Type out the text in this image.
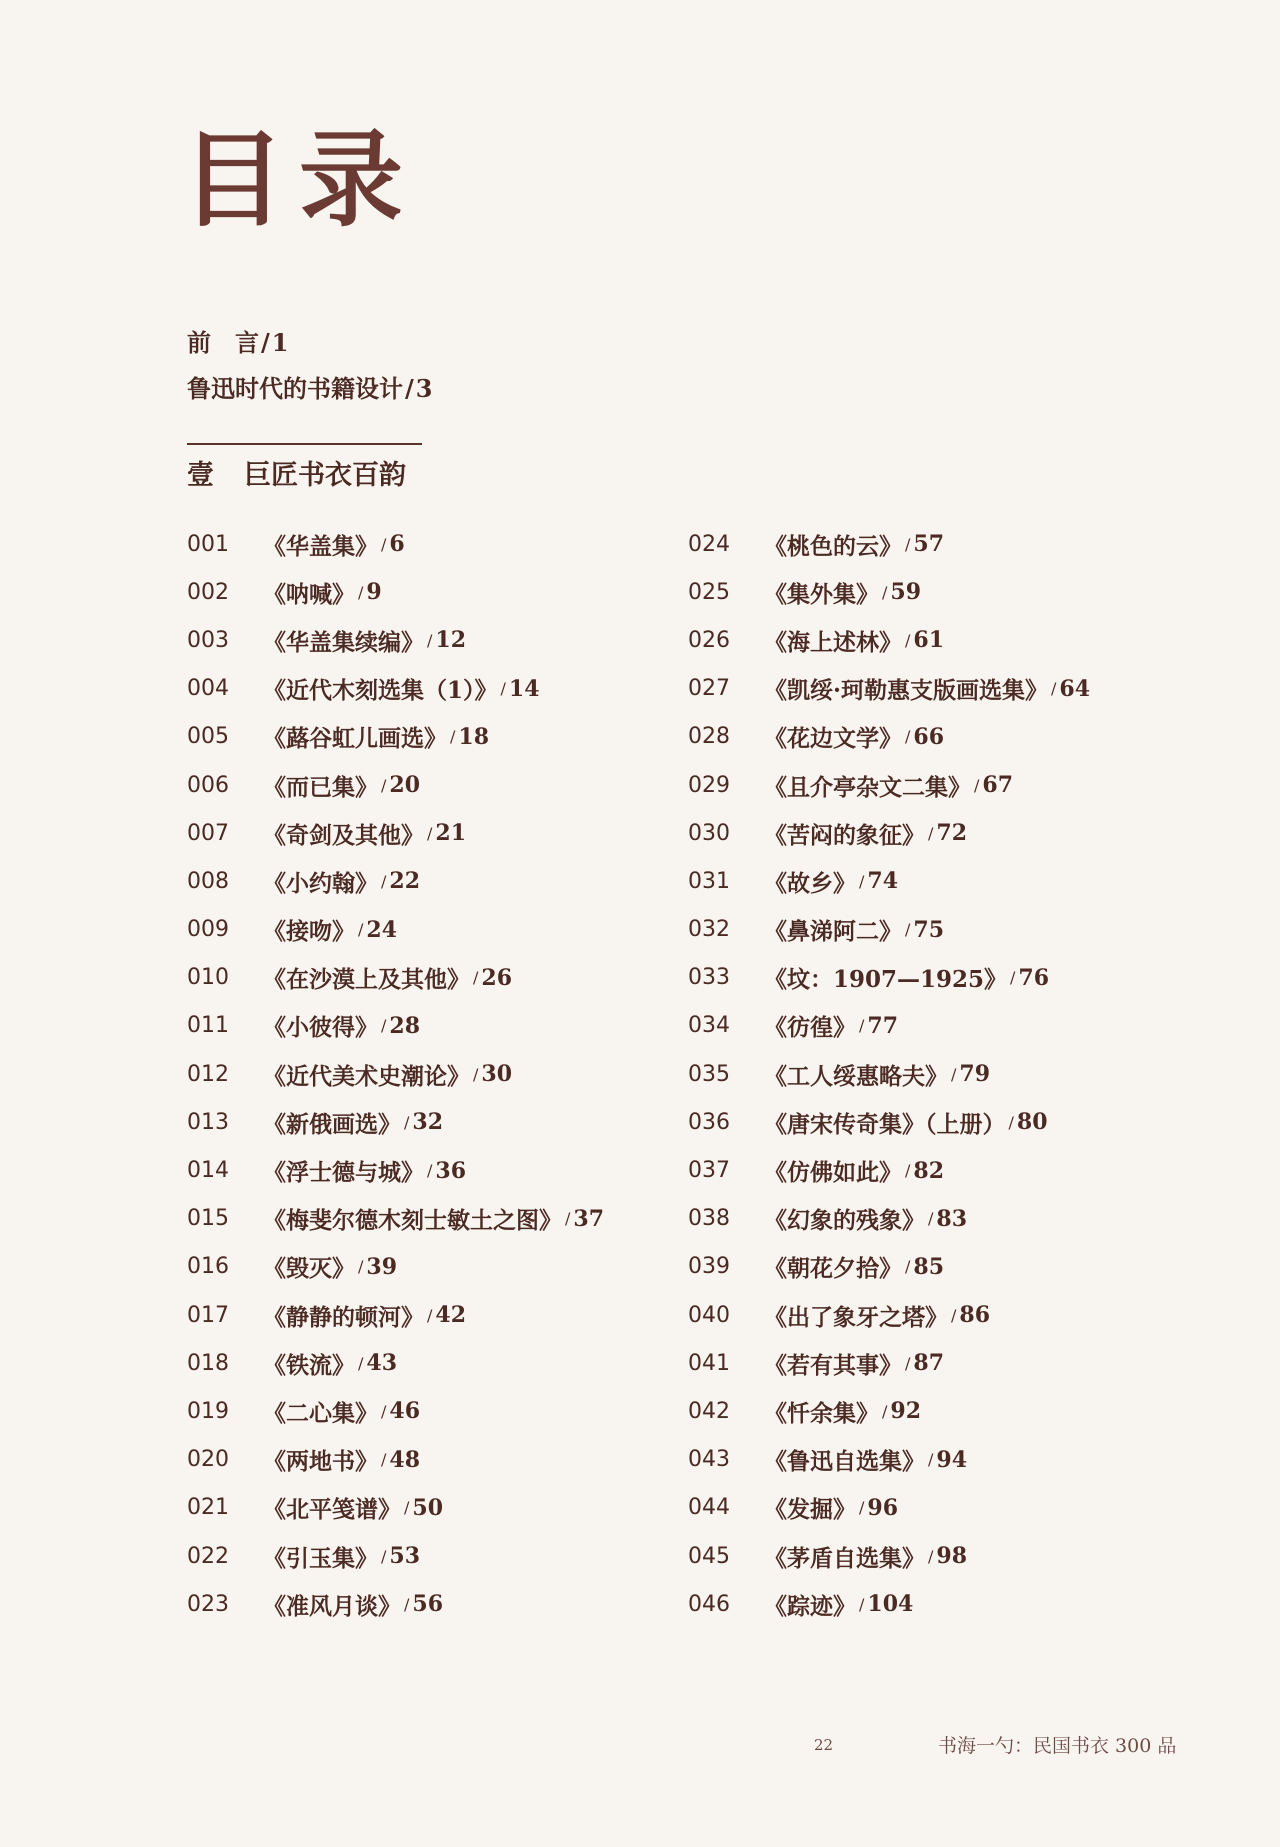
目录
前　言/1
鲁迅时代的书籍设计/3
壹 巨匠书衣百韵
001	《华盖集》 / 6
002	《呐喊》 / 9
003	《华盖集续编》 / 12
004	《近代木刻选集（1）》 / 14
005	《蕗谷虹儿画选》 / 18
006	《而已集》 / 20
007	《奇剑及其他》 / 21
008	《小约翰》 / 22
009	《接吻》 / 24
010	《在沙漠上及其他》 / 26
011	《小彼得》 / 28
012	《近代美术史潮论》 / 30
013	《新俄画选》 / 32
014	《浮士德与城》 / 36
015	《梅斐尔德木刻士敏土之图》 / 37
016	《毁灭》 / 39
017	《静静的顿河》 / 42
018	《铁流》 / 43
019	《二心集》 / 46
020	《两地书》 / 48
021	《北平笺谱》 / 50
022	《引玉集》 / 53
023	《准风月谈》 / 56
024	《桃色的云》 / 57
025	《集外集》 / 59
026	《海上述林》 / 61
027	《凯绥·珂勒惠支版画选集》 / 64
028	《花边文学》 / 66
029	《且介亭杂文二集》 / 67
030	《苦闷的象征》 / 72
031	《故乡》 / 74
032	《鼻涕阿二》 / 75
033	《坟：1907—1925》 / 76
034	《彷徨》 / 77
035	《工人绥惠略夫》 / 79
036	《唐宋传奇集》（上册） / 80
037	《仿佛如此》 / 82
038	《幻象的残象》 / 83
039	《朝花夕拾》 / 85
040	《出了象牙之塔》 / 86
041	《若有其事》 / 87
042	《忏余集》 / 92
043	《鲁迅自选集》 / 94
044	《发掘》 / 96
045	《茅盾自选集》 / 98
046	《踪迹》 / 104
22	书海一勺：民国书衣 300 品
